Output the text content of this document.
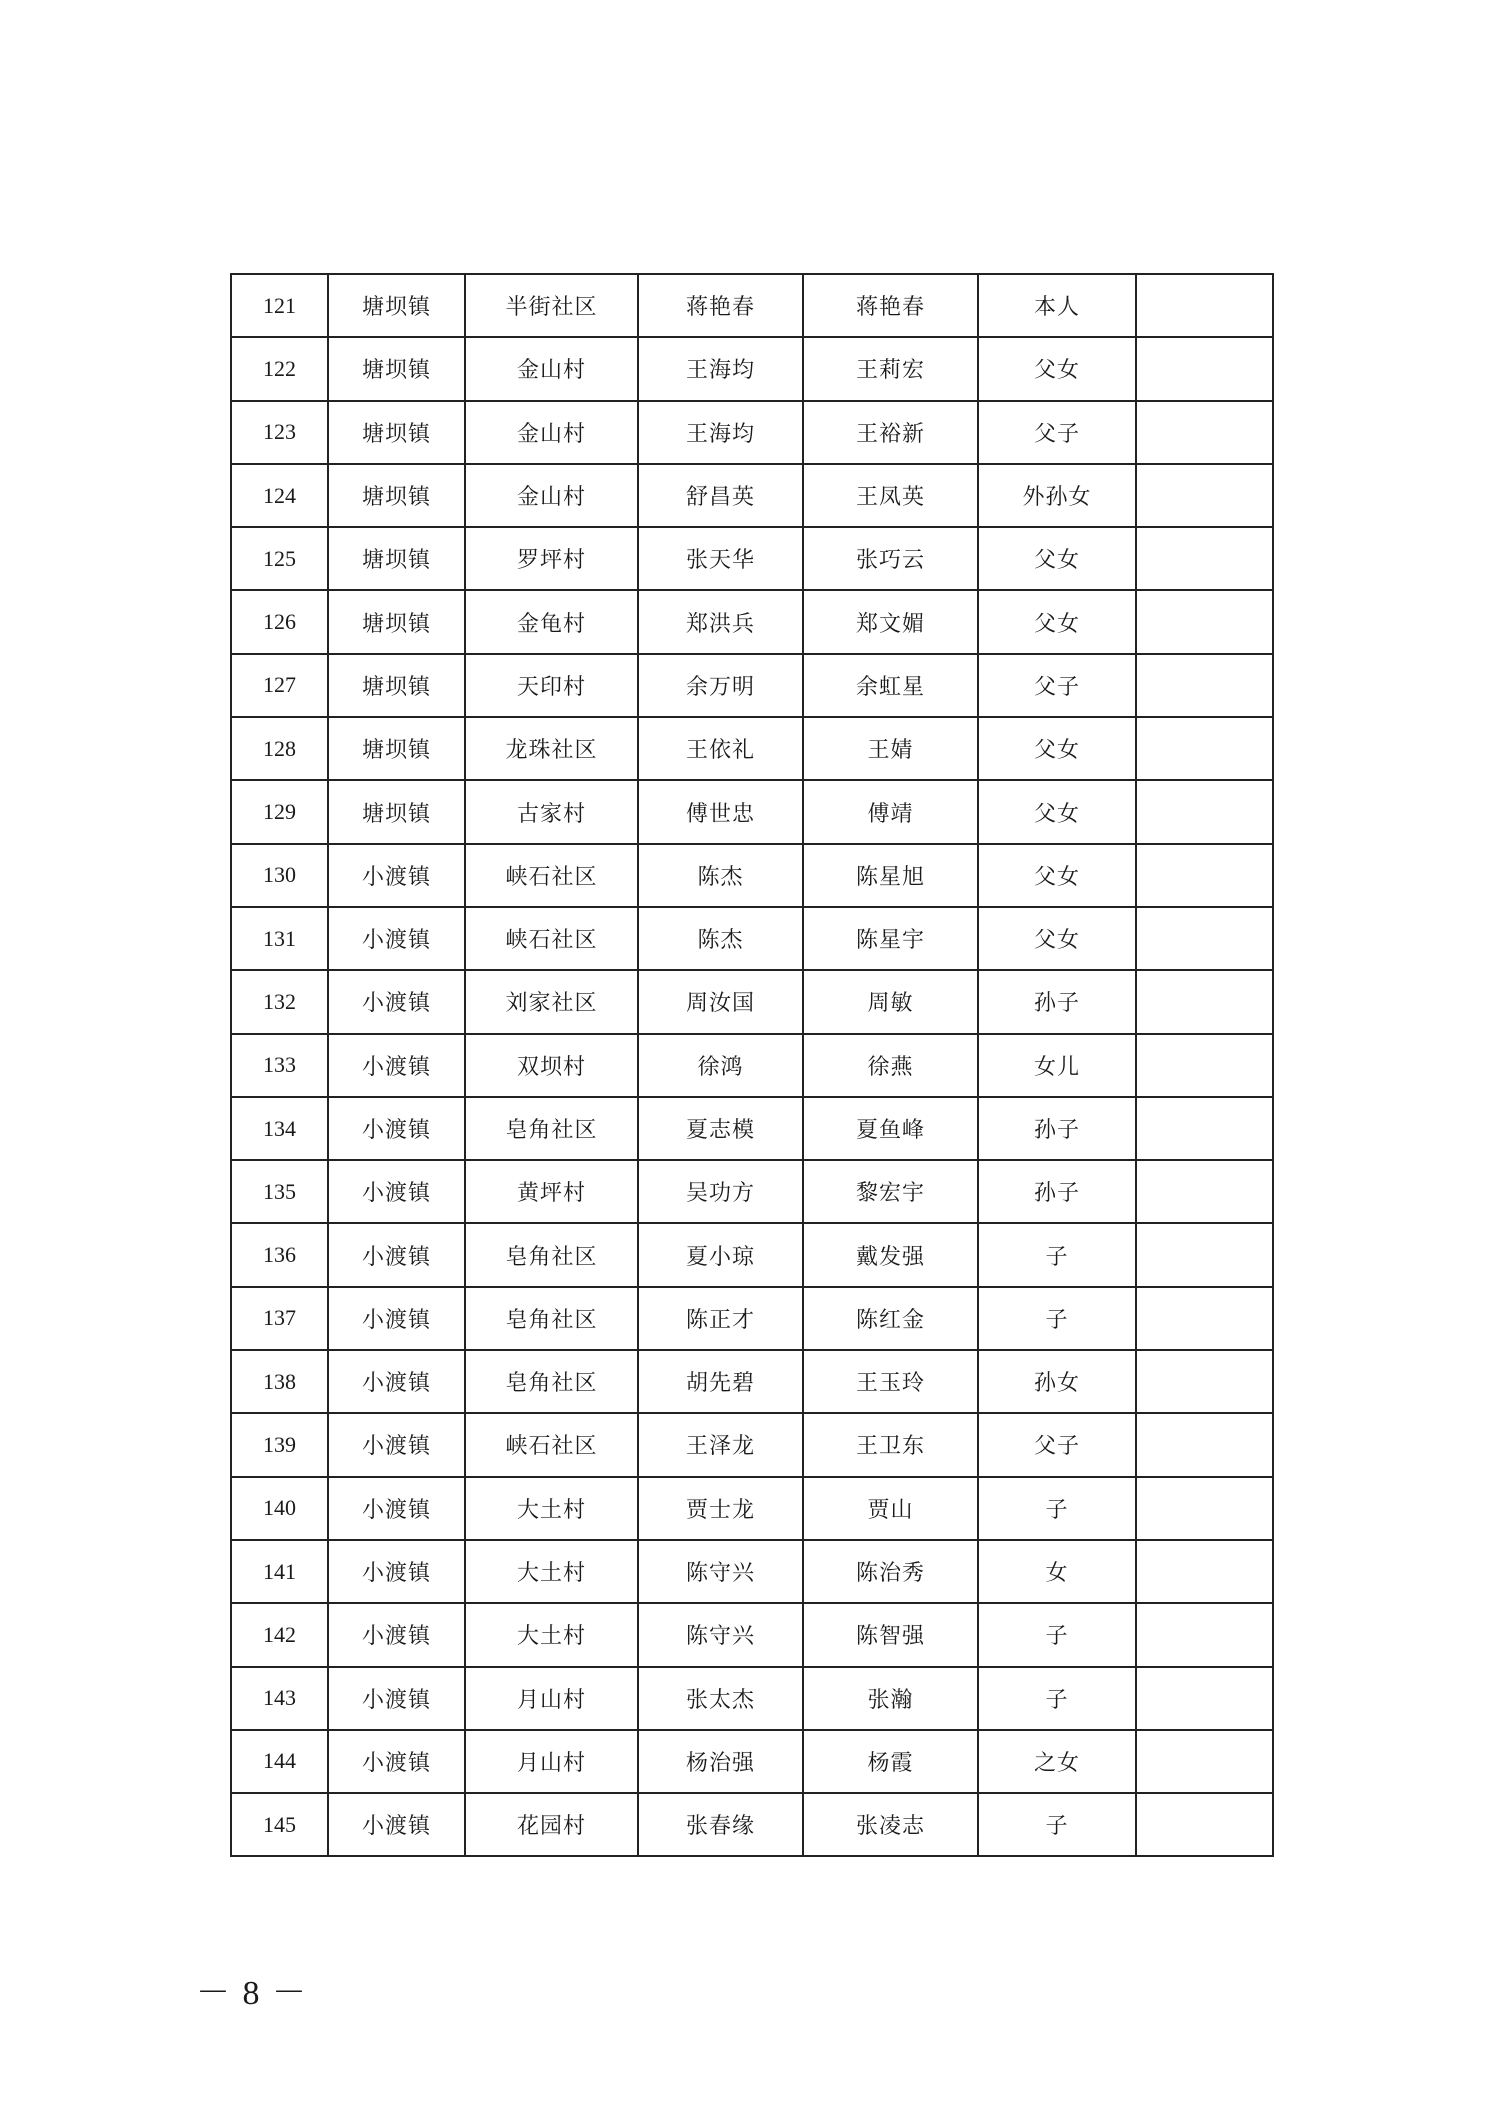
121	塘坝镇	半街社区	蒋艳春	蒋艳春	本人	
122	塘坝镇	金山村	王海均	王莉宏	父女	
123	塘坝镇	金山村	王海均	王裕新	父子	
124	塘坝镇	金山村	舒昌英	王凤英	外孙女	
125	塘坝镇	罗坪村	张天华	张巧云	父女	
126	塘坝镇	金龟村	郑洪兵	郑文媚	父女	
127	塘坝镇	天印村	余万明	余虹星	父子	
128	塘坝镇	龙珠社区	王依礼	王婧	父女	
129	塘坝镇	古家村	傅世忠	傅靖	父女	
130	小渡镇	峡石社区	陈杰	陈星旭	父女	
131	小渡镇	峡石社区	陈杰	陈星宇	父女	
132	小渡镇	刘家社区	周汝国	周敏	孙子	
133	小渡镇	双坝村	徐鸿	徐燕	女儿	
134	小渡镇	皂角社区	夏志模	夏鱼峰	孙子	
135	小渡镇	黄坪村	吴功方	黎宏宇	孙子	
136	小渡镇	皂角社区	夏小琼	戴发强	子	
137	小渡镇	皂角社区	陈正才	陈红金	子	
138	小渡镇	皂角社区	胡先碧	王玉玲	孙女	
139	小渡镇	峡石社区	王泽龙	王卫东	父子	
140	小渡镇	大土村	贾士龙	贾山	子	
141	小渡镇	大土村	陈守兴	陈治秀	女	
142	小渡镇	大土村	陈守兴	陈智强	子	
143	小渡镇	月山村	张太杰	张瀚	子	
144	小渡镇	月山村	杨治强	杨霞	之女	
145	小渡镇	花园村	张春缘	张凌志	子	
－ 8 －
